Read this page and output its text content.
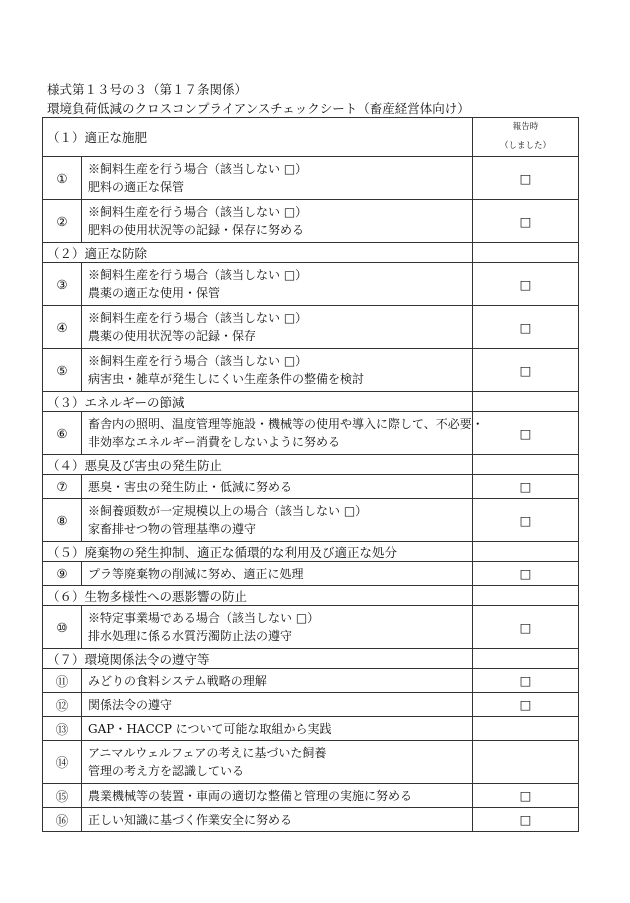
様式第１３号の３（第１７条関係）
環境負荷低減のクロスコンプライアンスチェックシート（畜産経営体向け）
（１）適正な施肥		報告時
（しました）

①	※飼料生産を行う場合（該当しない □）
肥料の適正な保管	□
②	※飼料生産を行う場合（該当しない □）
肥料の使用状況等の記録・保存に努める	□
（２）適正な防除		
③	※飼料生産を行う場合（該当しない □）
農薬の適正な使用・保管	□
④	※飼料生産を行う場合（該当しない □）
農薬の使用状況等の記録・保存	□
⑤	※飼料生産を行う場合（該当しない □）
病害虫・雑草が発生しにくい生産条件の整備を検討	□
（３）エネルギーの節減		
⑥	畜舎内の照明、温度管理等施設・機械等の使用や導入に際して、不必要・
非効率なエネルギー消費をしないように努める	□
（４）悪臭及び害虫の発生防止		
⑦	悪臭・害虫の発生防止・低減に努める	□
⑧	※飼養頭数が一定規模以上の場合（該当しない □）
家畜排せつ物の管理基準の遵守	□
（５）廃棄物の発生抑制、適正な循環的な利用及び適正な処分		
⑨	プラ等廃棄物の削減に努め、適正に処理	□
（６）生物多様性への悪影響の防止		
⑩	※特定事業場である場合（該当しない □）
排水処理に係る水質汚濁防止法の遵守	□
（７）環境関係法令の遵守等		
⑪	みどりの食料システム戦略の理解	□
⑫	関係法令の遵守	□
⑬	GAP・HACCP について可能な取組から実践	

⑭	アニマルウェルフェアの考えに基づいた飼養
管理の考え方を認識している	

⑮	農業機械等の装置・車両の適切な整備と管理の実施に努める	□
⑯	正しい知識に基づく作業安全に努める	□
